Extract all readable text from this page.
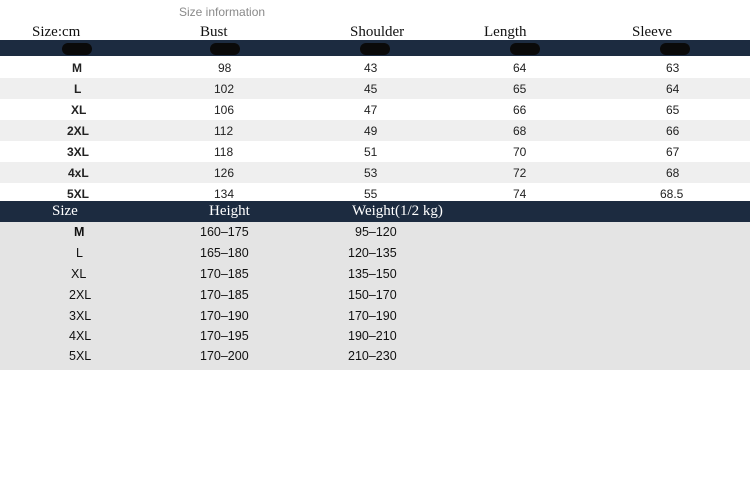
Size information
Size:cm	Bust	Shoulder	Length	Sleeve
M	98	43	64	63
L	102	45	65	64
XL	106	47	66	65
2XL	112	49	68	66
3XL	118	51	70	67
4xL	126	53	72	68
5XL	134	55	74	68.5
Size	Height	Weight(1/2 kg)
M	160–175	95–120
L	165–180	120–135
XL	170–185	135–150
2XL	170–185	150–170
3XL	170–190	170–190
4XL	170–195	190–210
5XL	170–200	210–230
